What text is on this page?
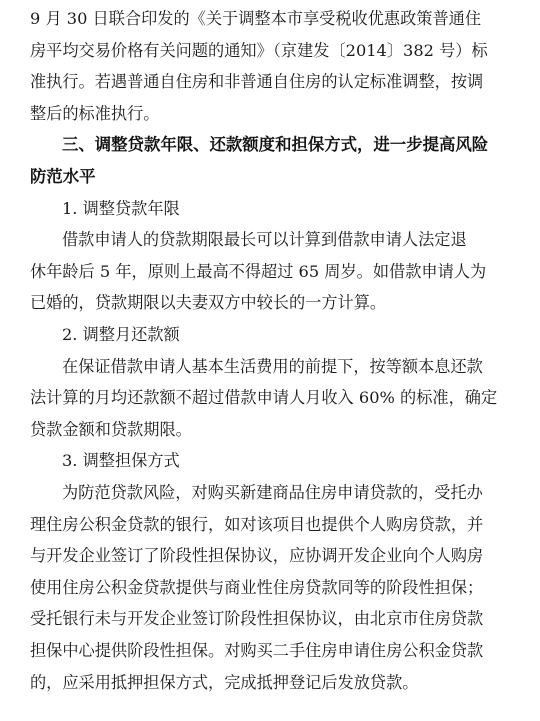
9 月 30 日联合印发的《关于调整本市享受税收优惠政策普通住
房平均交易价格有关问题的通知》（京建发〔2014〕382 号）标
准执行。若遇普通自住房和非普通自住房的认定标准调整，按调
整后的标准执行。
三、调整贷款年限、还款额度和担保方式，进一步提高风险
防范水平
1. 调整贷款年限
借款申请人的贷款期限最长可以计算到借款申请人法定退
休年龄后 5 年，原则上最高不得超过 65 周岁。如借款申请人为
已婚的，贷款期限以夫妻双方中较长的一方计算。
2. 调整月还款额
在保证借款申请人基本生活费用的前提下，按等额本息还款
法计算的月均还款额不超过借款申请人月收入 60% 的标准，确定
贷款金额和贷款期限。
3. 调整担保方式
为防范贷款风险，对购买新建商品住房申请贷款的，受托办
理住房公积金贷款的银行，如对该项目也提供个人购房贷款，并
与开发企业签订了阶段性担保协议，应协调开发企业向个人购房
使用住房公积金贷款提供与商业性住房贷款同等的阶段性担保；
受托银行未与开发企业签订阶段性担保协议，由北京市住房贷款
担保中心提供阶段性担保。对购买二手住房申请住房公积金贷款
的，应采用抵押担保方式，完成抵押登记后发放贷款。
